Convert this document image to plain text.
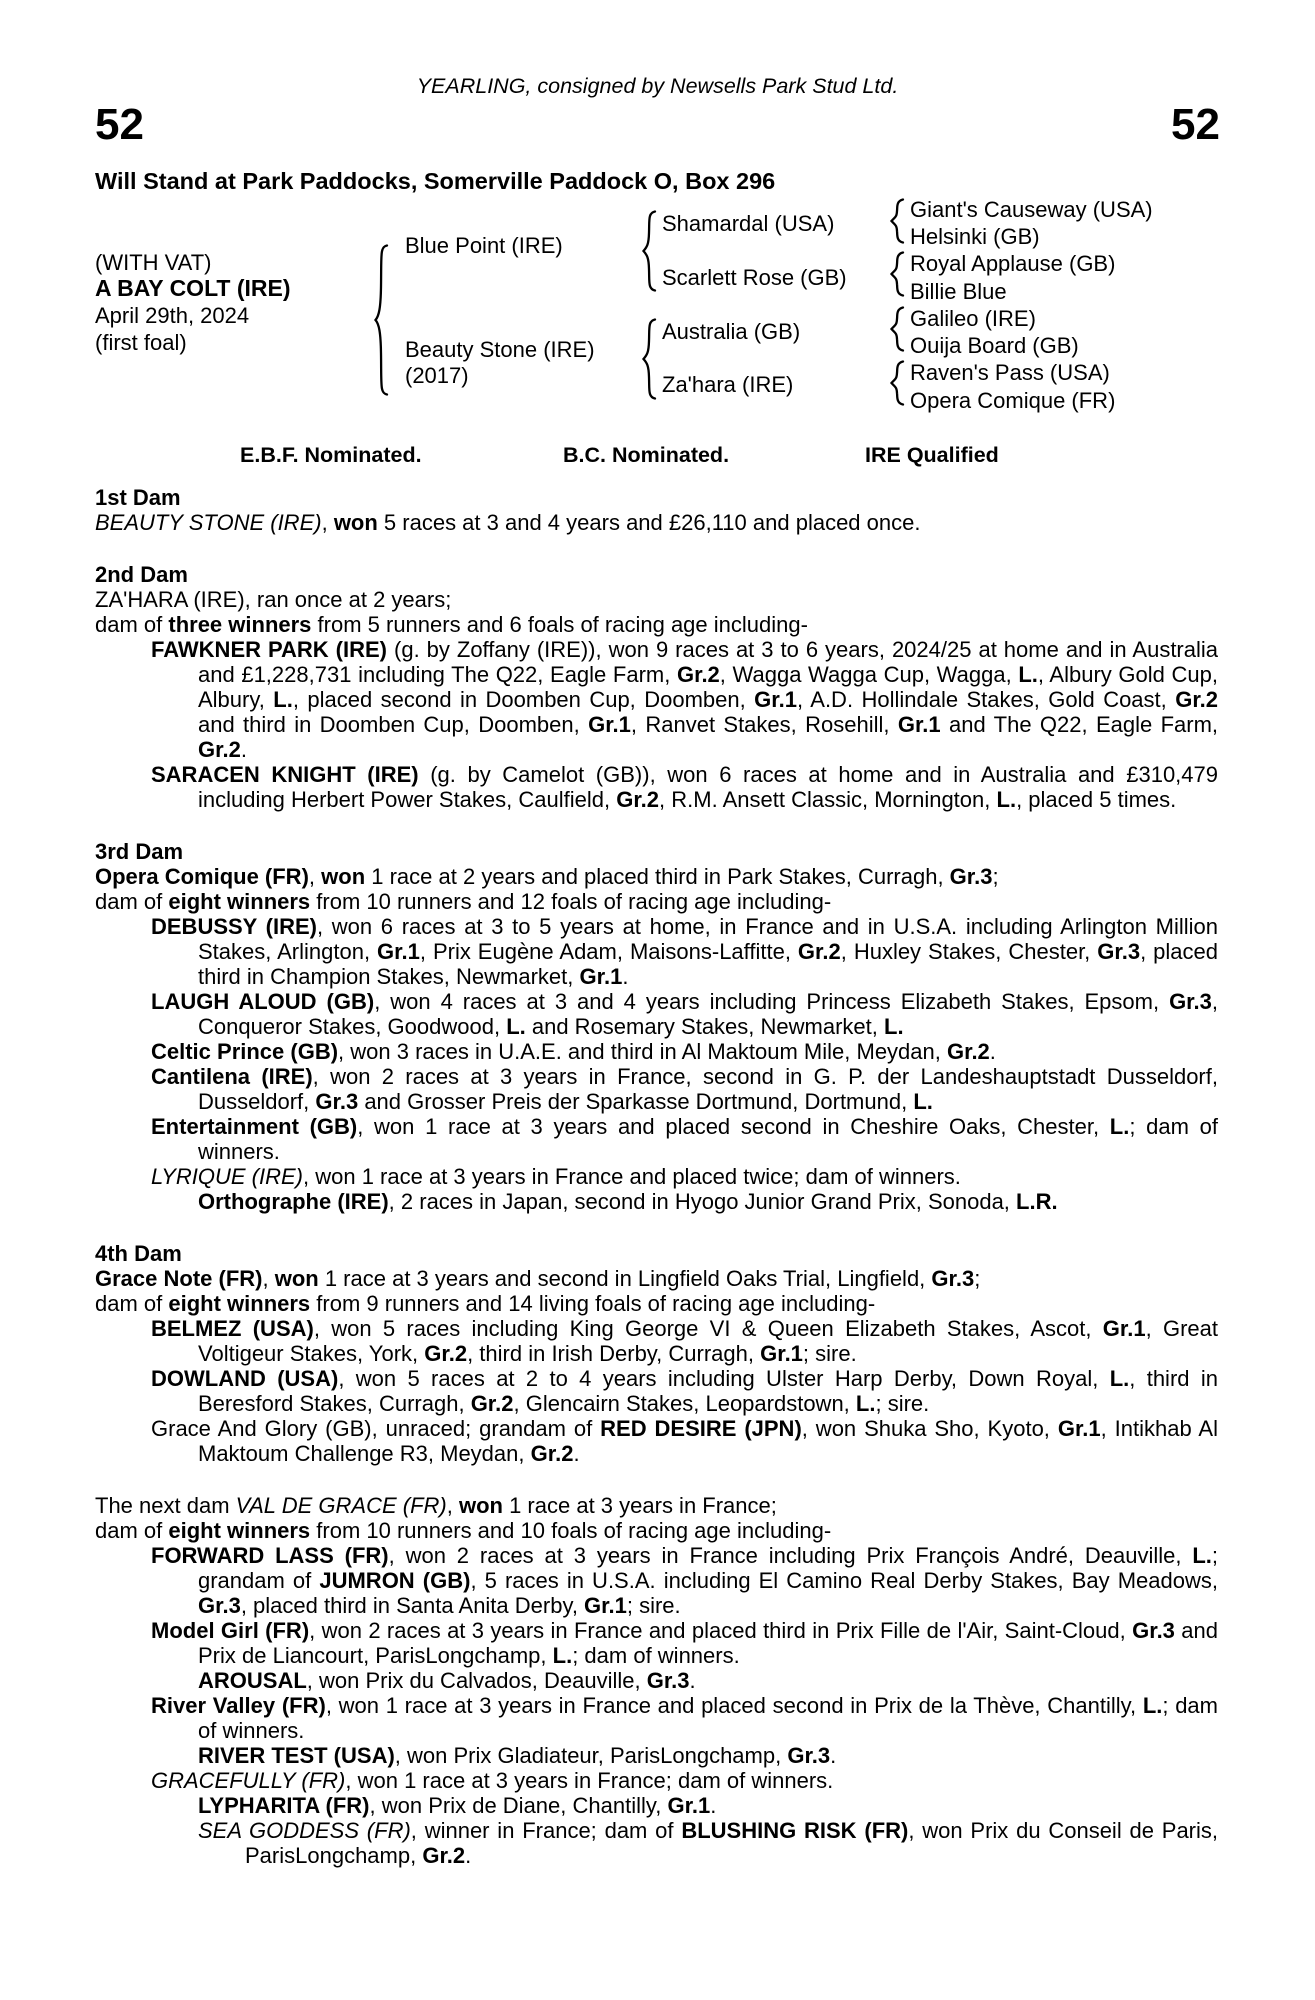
YEARLING, consigned by Newsells Park Stud Ltd.
52	52
Will Stand at Park Paddocks, Somerville Paddock O, Box 296
(WITH VAT)
A BAY COLT (IRE)
April 29th, 2024
(first foal)
Blue Point (IRE)
Beauty Stone (IRE)
(2017)
Shamardal (USA)
Scarlett Rose (GB)
Australia (GB)
Za'hara (IRE)
Giant's Causeway (USA)
Helsinki (GB)
Royal Applause (GB)
Billie Blue
Galileo (IRE)
Ouija Board (GB)
Raven's Pass (USA)
Opera Comique (FR)
E.B.F. Nominated.	B.C. Nominated.	IRE Qualified
1st Dam
BEAUTY STONE (IRE), won 5 races at 3 and 4 years and £26,110 and placed once.
2nd Dam
ZA'HARA (IRE), ran once at 2 years;
dam of three winners from 5 runners and 6 foals of racing age including-
FAWKNER PARK (IRE) (g. by Zoffany (IRE)), won 9 races at 3 to 6 years, 2024/25 at home and in Australia and £1,228,731 including The Q22, Eagle Farm, Gr.2, Wagga Wagga Cup, Wagga, L., Albury Gold Cup, Albury, L., placed second in Doomben Cup, Doomben, Gr.1, A.D. Hollindale Stakes, Gold Coast, Gr.2 and third in Doomben Cup, Doomben, Gr.1, Ranvet Stakes, Rosehill, Gr.1 and The Q22, Eagle Farm, Gr.2.
SARACEN KNIGHT (IRE) (g. by Camelot (GB)), won 6 races at home and in Australia and £310,479 including Herbert Power Stakes, Caulfield, Gr.2, R.M. Ansett Classic, Mornington, L., placed 5 times.
3rd Dam
Opera Comique (FR), won 1 race at 2 years and placed third in Park Stakes, Curragh, Gr.3;
dam of eight winners from 10 runners and 12 foals of racing age including-
DEBUSSY (IRE), won 6 races at 3 to 5 years at home, in France and in U.S.A. including Arlington Million Stakes, Arlington, Gr.1, Prix Eugène Adam, Maisons-Laffitte, Gr.2, Huxley Stakes, Chester, Gr.3, placed third in Champion Stakes, Newmarket, Gr.1.
LAUGH ALOUD (GB), won 4 races at 3 and 4 years including Princess Elizabeth Stakes, Epsom, Gr.3, Conqueror Stakes, Goodwood, L. and Rosemary Stakes, Newmarket, L.
Celtic Prince (GB), won 3 races in U.A.E. and third in Al Maktoum Mile, Meydan, Gr.2.
Cantilena (IRE), won 2 races at 3 years in France, second in G. P. der Landeshauptstadt Dusseldorf, Dusseldorf, Gr.3 and Grosser Preis der Sparkasse Dortmund, Dortmund, L.
Entertainment (GB), won 1 race at 3 years and placed second in Cheshire Oaks, Chester, L.; dam of winners.
LYRIQUE (IRE), won 1 race at 3 years in France and placed twice; dam of winners.
Orthographe (IRE), 2 races in Japan, second in Hyogo Junior Grand Prix, Sonoda, L.R.
4th Dam
Grace Note (FR), won 1 race at 3 years and second in Lingfield Oaks Trial, Lingfield, Gr.3;
dam of eight winners from 9 runners and 14 living foals of racing age including-
BELMEZ (USA), won 5 races including King George VI & Queen Elizabeth Stakes, Ascot, Gr.1, Great Voltigeur Stakes, York, Gr.2, third in Irish Derby, Curragh, Gr.1; sire.
DOWLAND (USA), won 5 races at 2 to 4 years including Ulster Harp Derby, Down Royal, L., third in Beresford Stakes, Curragh, Gr.2, Glencairn Stakes, Leopardstown, L.; sire.
Grace And Glory (GB), unraced; grandam of RED DESIRE (JPN), won Shuka Sho, Kyoto, Gr.1, Intikhab Al Maktoum Challenge R3, Meydan, Gr.2.
The next dam VAL DE GRACE (FR), won 1 race at 3 years in France;
dam of eight winners from 10 runners and 10 foals of racing age including-
FORWARD LASS (FR), won 2 races at 3 years in France including Prix François André, Deauville, L.; grandam of JUMRON (GB), 5 races in U.S.A. including El Camino Real Derby Stakes, Bay Meadows, Gr.3, placed third in Santa Anita Derby, Gr.1; sire.
Model Girl (FR), won 2 races at 3 years in France and placed third in Prix Fille de l'Air, Saint-Cloud, Gr.3 and Prix de Liancourt, ParisLongchamp, L.; dam of winners.
AROUSAL, won Prix du Calvados, Deauville, Gr.3.
River Valley (FR), won 1 race at 3 years in France and placed second in Prix de la Thève, Chantilly, L.; dam of winners.
RIVER TEST (USA), won Prix Gladiateur, ParisLongchamp, Gr.3.
GRACEFULLY (FR), won 1 race at 3 years in France; dam of winners.
LYPHARITA (FR), won Prix de Diane, Chantilly, Gr.1.
SEA GODDESS (FR), winner in France; dam of BLUSHING RISK (FR), won Prix du Conseil de Paris, ParisLongchamp, Gr.2.
